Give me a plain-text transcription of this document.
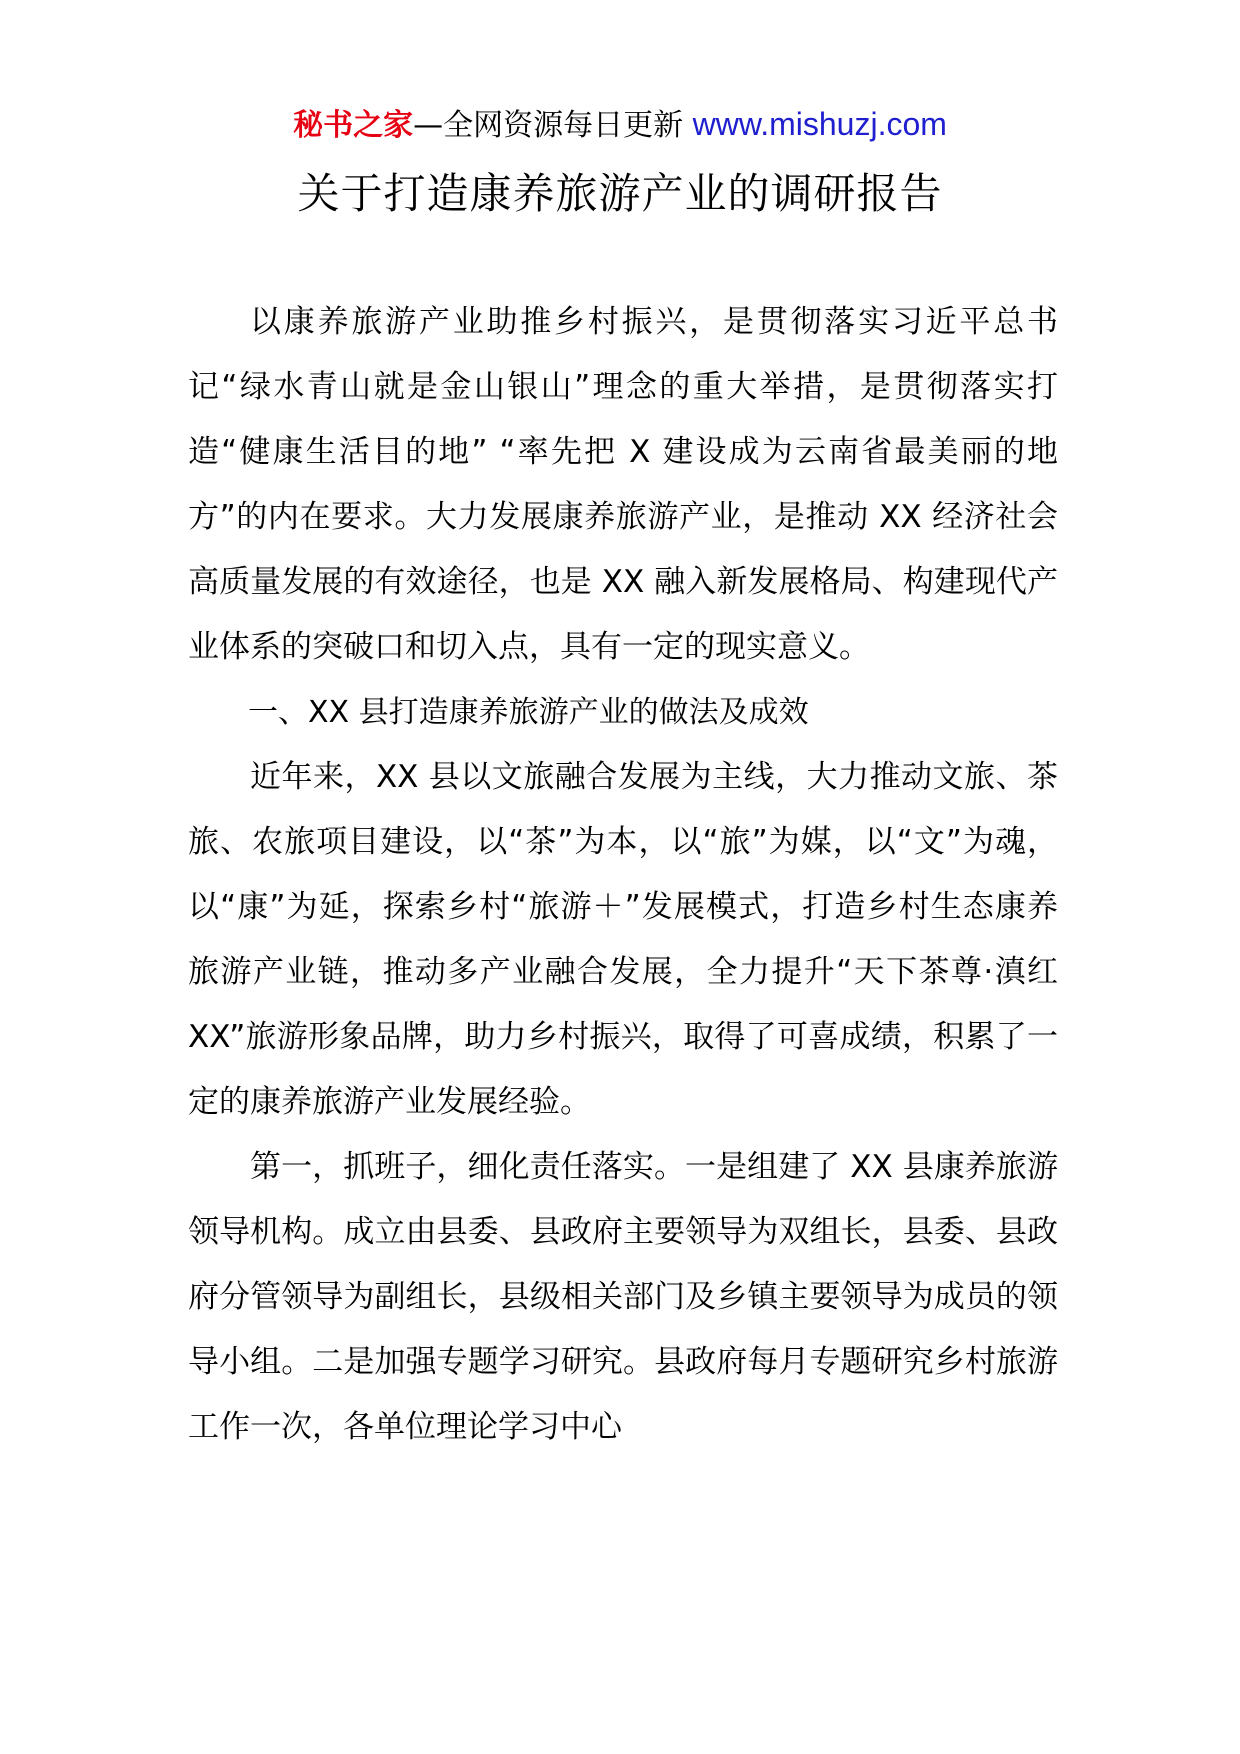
秘书之家—全网资源每日更新 www.mishuzj.com
关于打造康养旅游产业的调研报告

以康养旅游产业助推乡村振兴，是贯彻落实习近平总书记“绿水青山就是金山银山”理念的重大举措，是贯彻落实打造“健康生活目的地” “率先把 X 建设成为云南省最美丽的地方”的内在要求。大力发展康养旅游产业，是推动 XX 经济社会高质量发展的有效途径，也是 XX 融入新发展格局、构建现代产业体系的突破口和切入点，具有一定的现实意义。

一、XX 县打造康养旅游产业的做法及成效

近年来，XX 县以文旅融合发展为主线，大力推动文旅、茶旅、农旅项目建设，以“茶”为本，以“旅”为媒，以“文”为魂，以“康”为延，探索乡村“旅游＋”发展模式，打造乡村生态康养旅游产业链，推动多产业融合发展，全力提升“天下茶尊·滇红 XX”旅游形象品牌，助力乡村振兴，取得了可喜成绩，积累了一定的康养旅游产业发展经验。

第一，抓班子，细化责任落实。一是组建了 XX 县康养旅游领导机构。成立由县委、县政府主要领导为双组长，县委、县政府分管领导为副组长，县级相关部门及乡镇主要领导为成员的领导小组。二是加强专题学习研究。县政府每月专题研究乡村旅游工作一次，各单位理论学习中心
